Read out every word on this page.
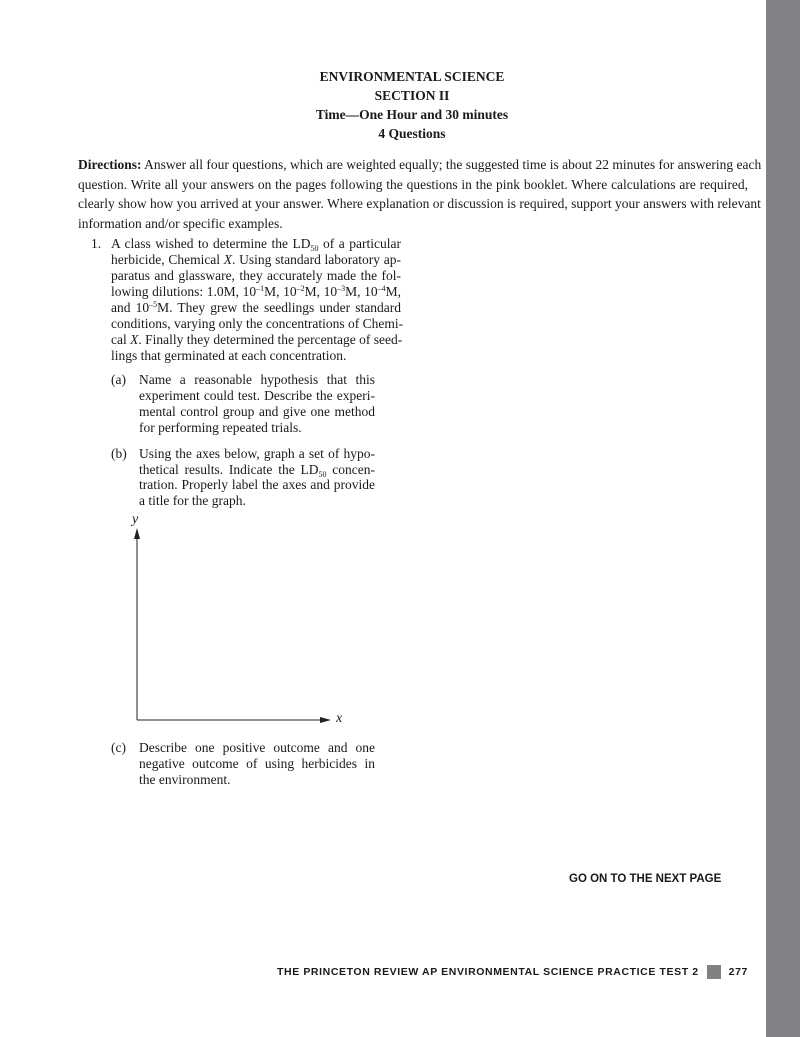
ENVIRONMENTAL SCIENCE
SECTION II
Time—One Hour and 30 minutes
4 Questions
Directions: Answer all four questions, which are weighted equally; the suggested time is about 22 minutes for answering each
question. Write all your answers on the pages following the questions in the pink booklet. Where calculations are required,
clearly show how you arrived at your answer. Where explanation or discussion is required, support your answers with relevant
information and/or specific examples.
1. A class wished to determine the $LD_{50}$ of a particular
herbicide, Chemical X. Using standard laboratory ap-
paratus and glassware, they accurately made the fol-
lowing dilutions: 1.0M, $10^{-1}M$, $10^{-2}M$, $10^{-3}M$, $10^{-4}M$,
and $10^{-5}M$. They grew the seedlings under standard
conditions, varying only the concentrations of Chemi-
cal X. Finally they determined the percentage of seed-
lings that germinated at each concentration.
(a) Name a reasonable hypothesis that this
experiment could test. Describe the experi-
mental control group and give one method
for performing repeated trials.
(b) Using the axes below, graph a set of hypo-
thetical results. Indicate the $LD_{50}$ concen-
tration. Properly label the axes and provide
a title for the graph.
y
x
(c) Describe one positive outcome and one
negative outcome of using herbicides in
the environment.
GO ON TO THE NEXT PAGE
THE PRINCETON REVIEW AP ENVIRONMENTAL SCIENCE PRACTICE TEST 2	277
